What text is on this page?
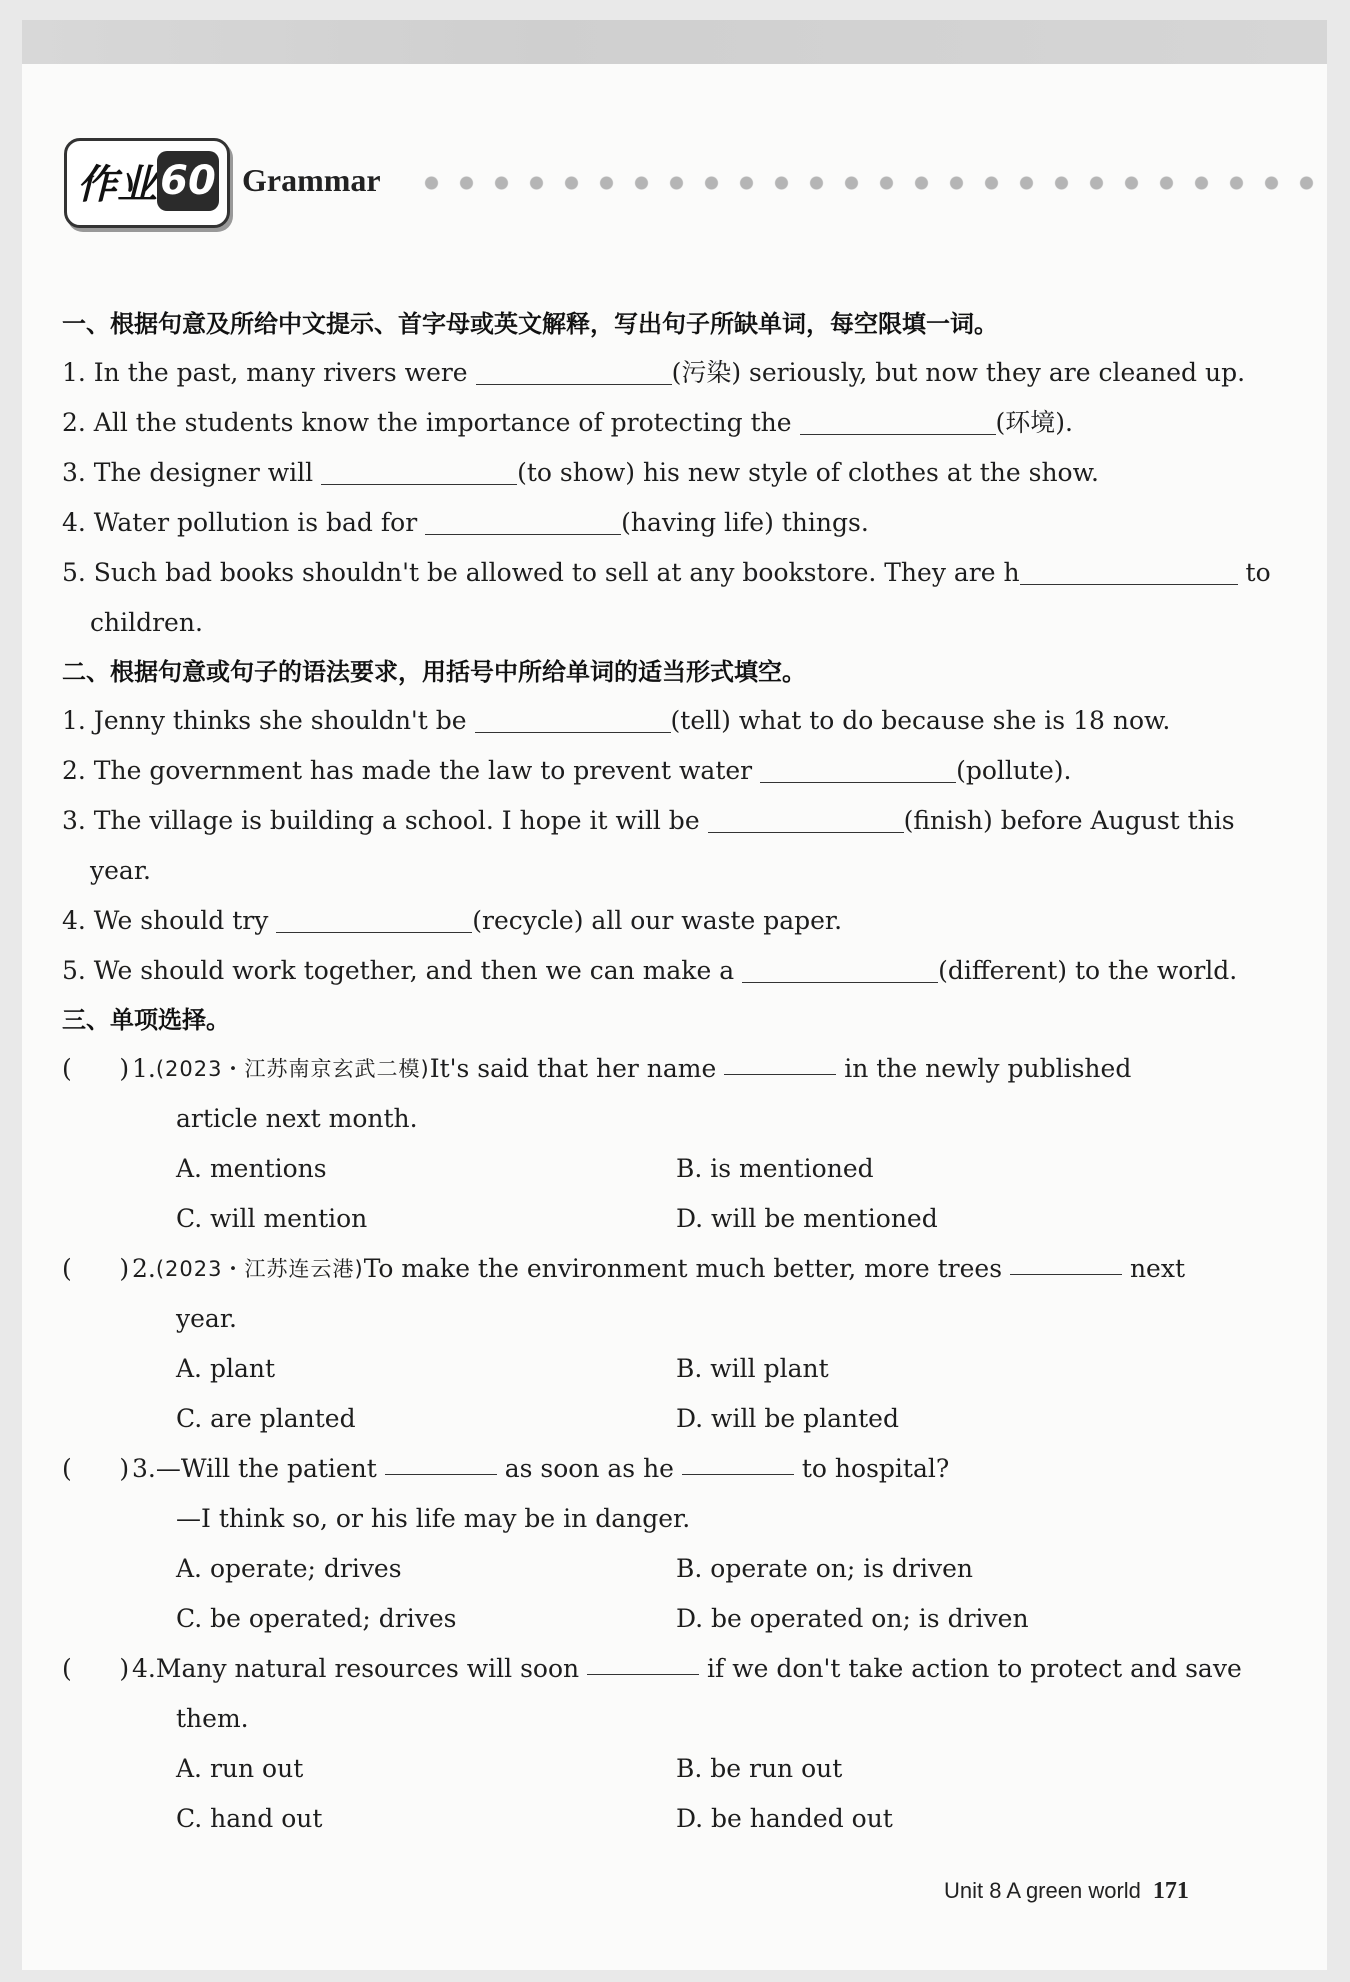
作业 60 Grammar
一、根据句意及所给中文提示、首字母或英文解释，写出句子所缺单词，每空限填一词。
1. In the past, many rivers were	(污染) seriously, but now they are cleaned up.
2. All the students know the importance of protecting the	(环境).
3. The designer will	(to show) his new style of clothes at the show.
4. Water pollution is bad for	(having life) things.
5. Such bad books shouldn't be allowed to sell at any bookstore. They are h	to
children.
二、根据句意或句子的语法要求，用括号中所给单词的适当形式填空。
1. Jenny thinks she shouldn't be	(tell) what to do because she is 18 now.
2. The government has made the law to prevent water	(pollute).
3. The village is building a school. I hope it will be	(finish) before August this
year.
4. We should try	(recycle) all our waste paper.
5. We should work together, and then we can make a	(different) to the world.
三、单项选择。
(      ) 1. (2023・江苏南京玄武二模) It's said that her name	in the newly published
article next month.
A. mentions	B. is mentioned
C. will mention	D. will be mentioned
(      ) 2. (2023・江苏连云港) To make the environment much better, more trees	next
year.
A. plant	B. will plant
C. are planted	D. will be planted
(      ) 3. —Will the patient	as soon as he	to hospital?
—I think so, or his life may be in danger.
A. operate; drives	B. operate on; is driven
C. be operated; drives	D. be operated on; is driven
(      ) 4. Many natural resources will soon	if we don't take action to protect and save
them.
A. run out	B. be run out
C. hand out	D. be handed out
Unit 8 A green world 171
